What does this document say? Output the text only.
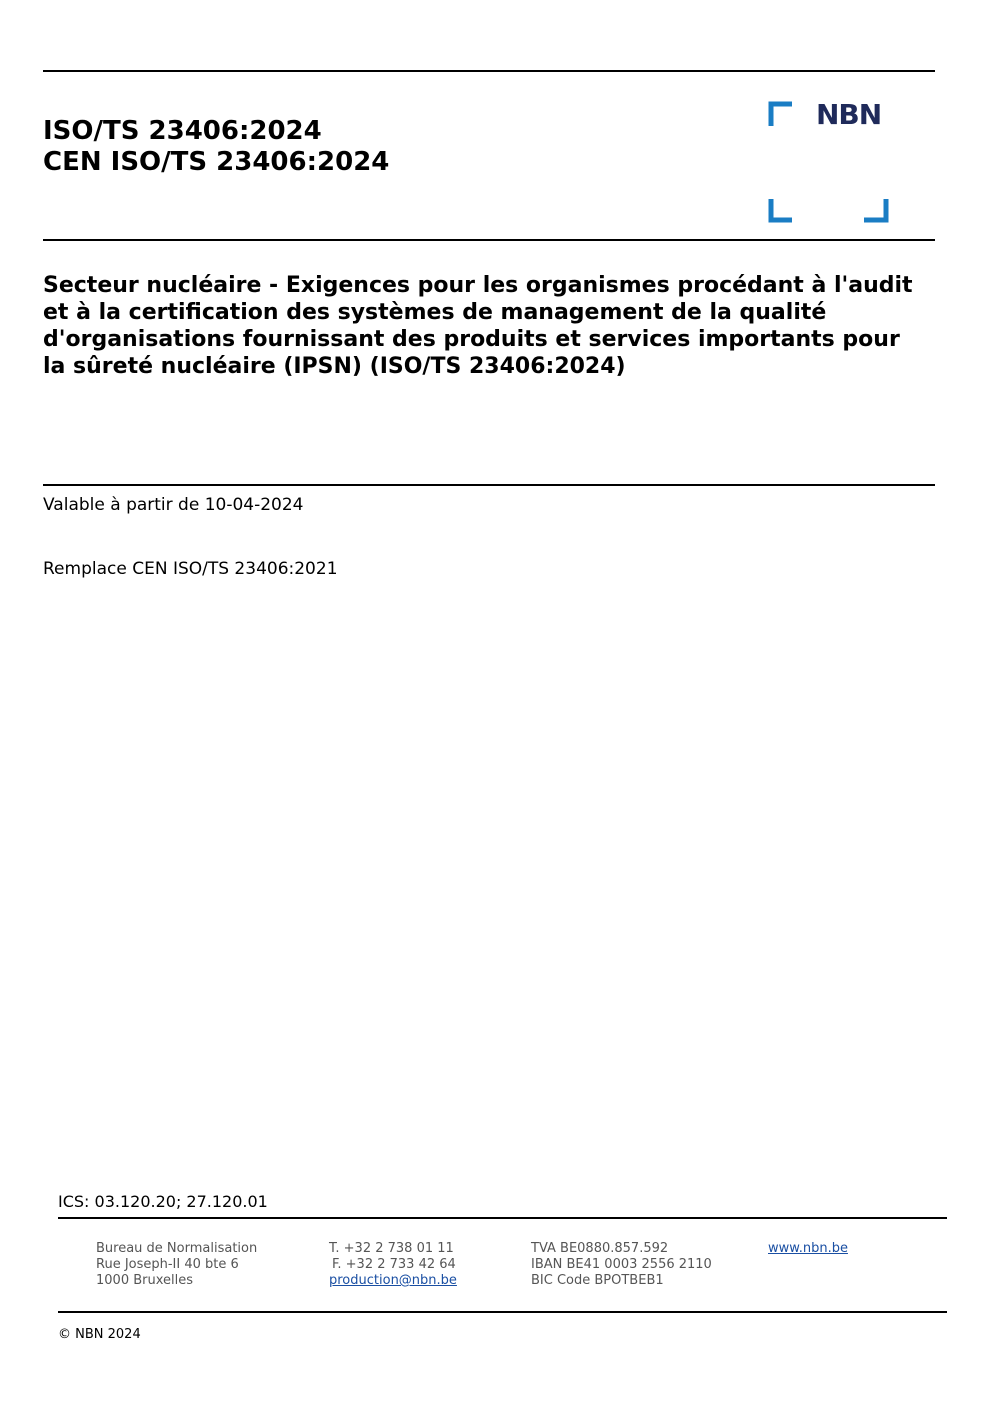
ISO/TS 23406:2024
CEN ISO/TS 23406:2024
NBN
Secteur nucléaire - Exigences pour les organismes procédant à l'audit et à la certification des systèmes de management de la qualité d'organisations fournissant des produits et services importants pour la sûreté nucléaire (IPSN) (ISO/TS 23406:2024)
Valable à partir de 10-04-2024
Remplace CEN ISO/TS 23406:2021
ICS: 03.120.20; 27.120.01
Bureau de Normalisation
Rue Joseph-II 40 bte 6
1000 Bruxelles
T. +32 2 738 01 11
F. +32 2 733 42 64
production@nbn.be
TVA BE0880.857.592
IBAN BE41 0003 2556 2110
BIC Code BPOTBEB1
www.nbn.be
© NBN 2024
